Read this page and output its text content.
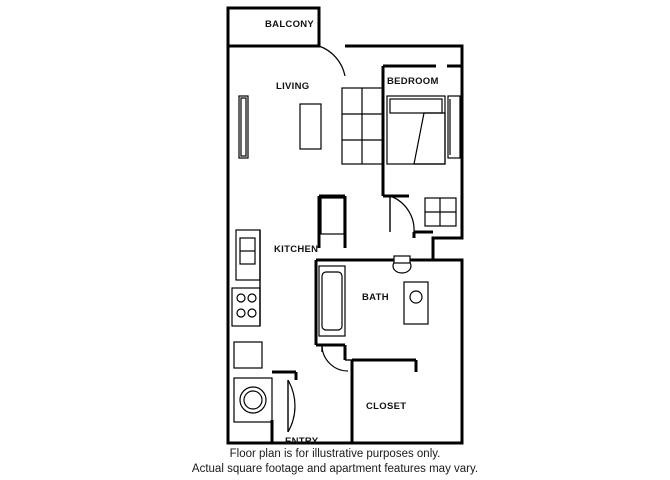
BALCONY
LIVING	BEDROOM
KITCHEN
BATH
CLOSET
ENTRY
Floor plan is for illustrative purposes only.
Actual square footage and apartment features may vary.
